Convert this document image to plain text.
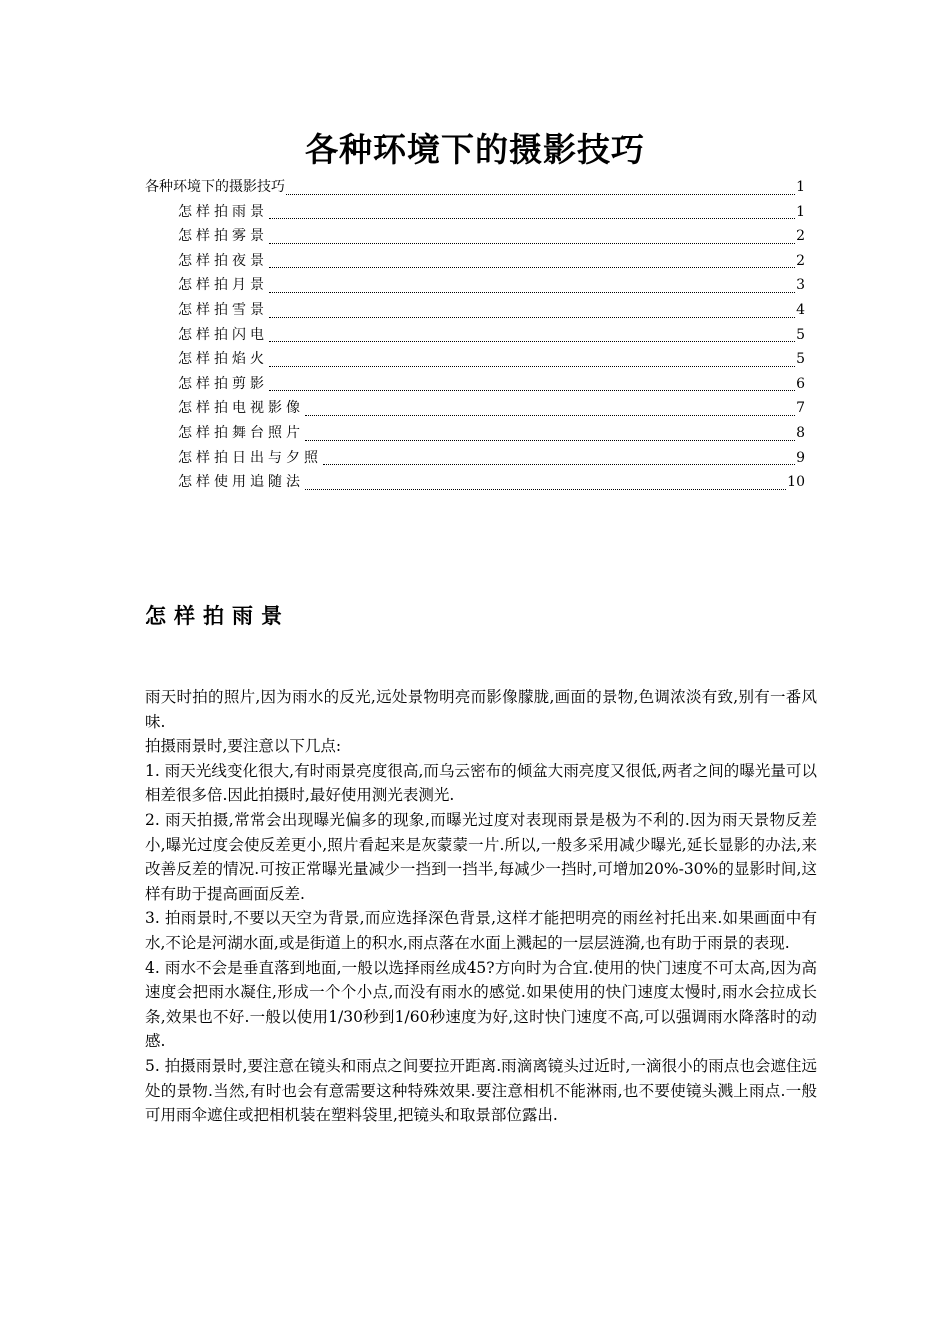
各种环境下的摄影技巧
各种环境下的摄影技巧	1
怎样拍雨景	1
怎样拍雾景	2
怎样拍夜景	2
怎样拍月景	3
怎样拍雪景	4
怎样拍闪电	5
怎样拍焰火	5
怎样拍剪影	6
怎样拍电视影像	7
怎样拍舞台照片	8
怎样拍日出与夕照	9
怎样使用追随法	10
怎样拍雨景

雨天时拍的照片,因为雨水的反光,远处景物明亮而影像朦胧,画面的景物,色调浓淡有致,别有一番风味.

拍摄雨景时,要注意以下几点:

1. 雨天光线变化很大,有时雨景亮度很高,而乌云密布的倾盆大雨亮度又很低,两者之间的曝光量可以相差很多倍.因此拍摄时,最好使用测光表测光.

2. 雨天拍摄,常常会出现曝光偏多的现象,而曝光过度对表现雨景是极为不利的.因为雨天景物反差小,曝光过度会使反差更小,照片看起来是灰蒙蒙一片.所以,一般多采用减少曝光,延长显影的办法,来改善反差的情况.可按正常曝光量减少一挡到一挡半,每减少一挡时,可增加20%-30%的显影时间,这样有助于提高画面反差.

3. 拍雨景时,不要以天空为背景,而应选择深色背景,这样才能把明亮的雨丝衬托出来.如果画面中有水,不论是河湖水面,或是街道上的积水,雨点落在水面上溅起的一层层涟漪,也有助于雨景的表现.

4. 雨水不会是垂直落到地面,一般以选择雨丝成45?方向时为合宜.使用的快门速度不可太高,因为高速度会把雨水凝住,形成一个个小点,而没有雨水的感觉.如果使用的快门速度太慢时,雨水会拉成长条,效果也不好.一般以使用1/30秒到1/60秒速度为好,这时快门速度不高,可以强调雨水降落时的动感.

5. 拍摄雨景时,要注意在镜头和雨点之间要拉开距离.雨滴离镜头过近时,一滴很小的雨点也会遮住远处的景物.当然,有时也会有意需要这种特殊效果.要注意相机不能淋雨,也不要使镜头溅上雨点.一般可用雨伞遮住或把相机装在塑料袋里,把镜头和取景部位露出.
